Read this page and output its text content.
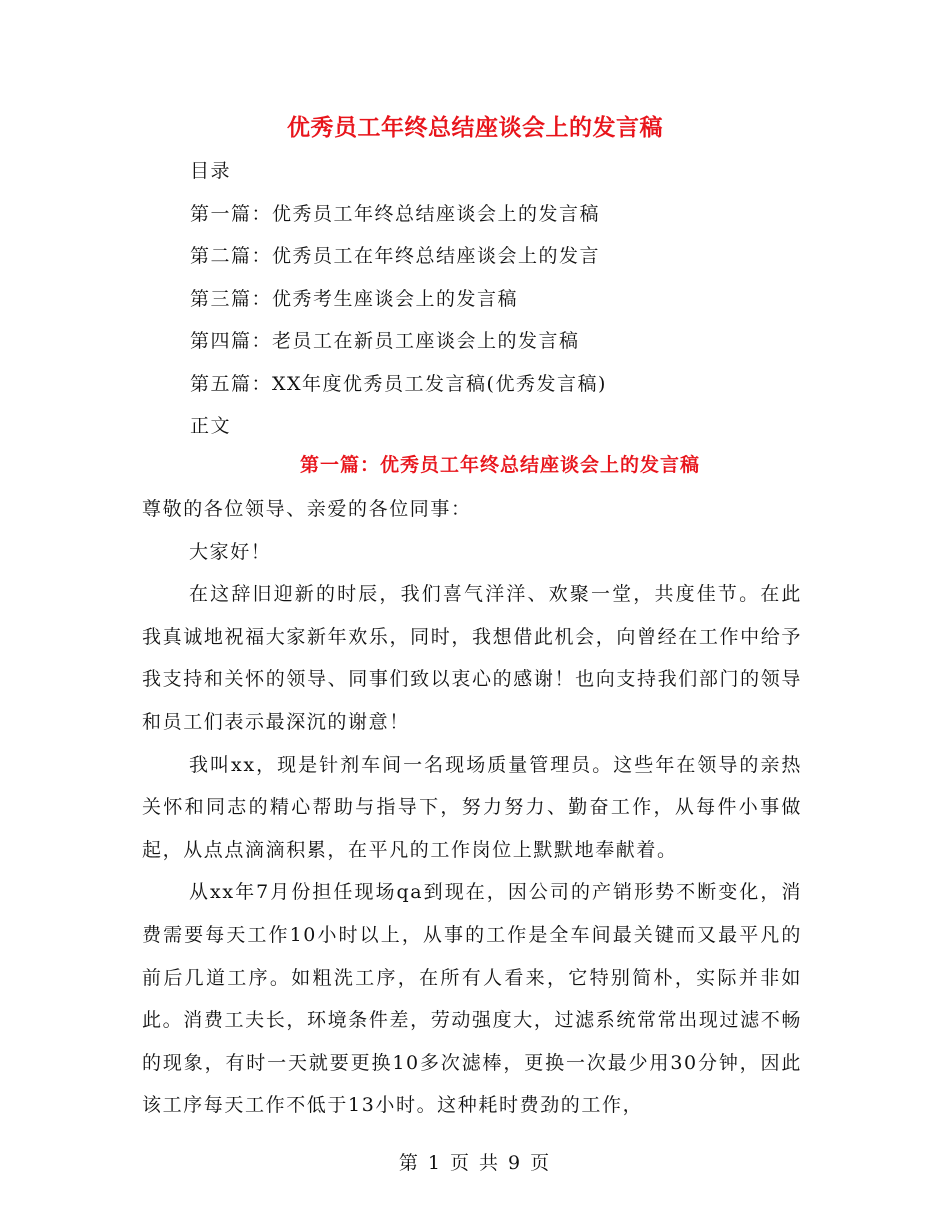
优秀员工年终总结座谈会上的发言稿
目录
第一篇：优秀员工年终总结座谈会上的发言稿
第二篇：优秀员工在年终总结座谈会上的发言
第三篇：优秀考生座谈会上的发言稿
第四篇：老员工在新员工座谈会上的发言稿
第五篇：XX年度优秀员工发言稿(优秀发言稿)
正文
第一篇：优秀员工年终总结座谈会上的发言稿

尊敬的各位领导、亲爱的各位同事：

大家好！

在这辞旧迎新的时辰，我们喜气洋洋、欢聚一堂，共度佳节。在此我真诚地祝福大家新年欢乐，同时，我想借此机会，向曾经在工作中给予我支持和关怀的领导、同事们致以衷心的感谢！也向支持我们部门的领导和员工们表示最深沉的谢意！

我叫xx，现是针剂车间一名现场质量管理员。这些年在领导的亲热关怀和同志的精心帮助与指导下，努力努力、勤奋工作，从每件小事做起，从点点滴滴积累，在平凡的工作岗位上默默地奉献着。

从xx年7月份担任现场qa到现在，因公司的产销形势不断变化，消费需要每天工作10小时以上，从事的工作是全车间最关键而又最平凡的前后几道工序。如粗洗工序，在所有人看来，它特别简朴，实际并非如此。消费工夫长，环境条件差，劳动强度大，过滤系统常常出现过滤不畅的现象，有时一天就要更换10多次滤棒，更换一次最少用30分钟，因此该工序每天工作不低于13小时。这种耗时费劲的工作，

第 1 页 共 9 页
